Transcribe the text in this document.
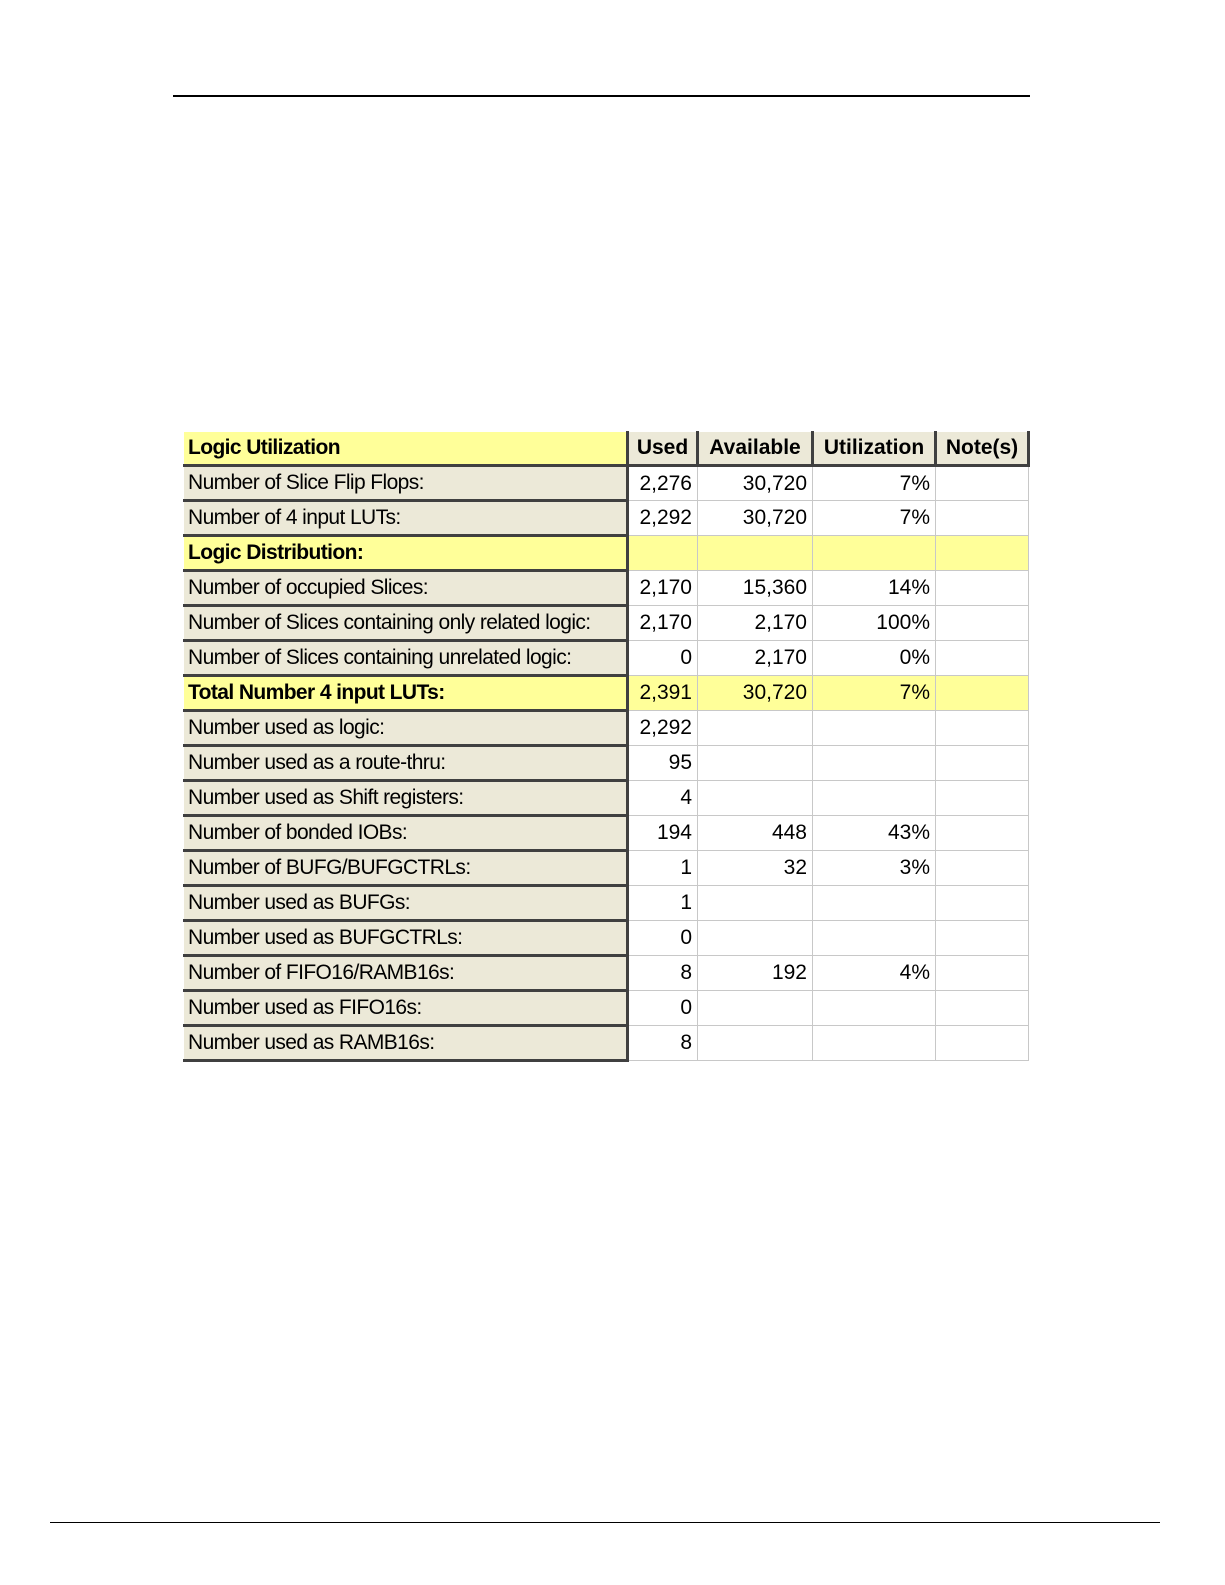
Logic Utilization	Used	Available	Utilization	Note(s)
Number of Slice Flip Flops:	2,276	30,720	7%	
Number of 4 input LUTs:	2,292	30,720	7%	
Logic Distribution:				
Number of occupied Slices:	2,170	15,360	14%	
Number of Slices containing only related logic:	2,170	2,170	100%	
Number of Slices containing unrelated logic:	0	2,170	0%	
Total Number 4 input LUTs:	2,391	30,720	7%	
Number used as logic:	2,292			
Number used as a route-thru:	95			
Number used as Shift registers:	4			
Number of bonded IOBs:	194	448	43%	
Number of BUFG/BUFGCTRLs:	1	32	3%	
Number used as BUFGs:	1			
Number used as BUFGCTRLs:	0			
Number of FIFO16/RAMB16s:	8	192	4%	
Number used as FIFO16s:	0			
Number used as RAMB16s:	8			
